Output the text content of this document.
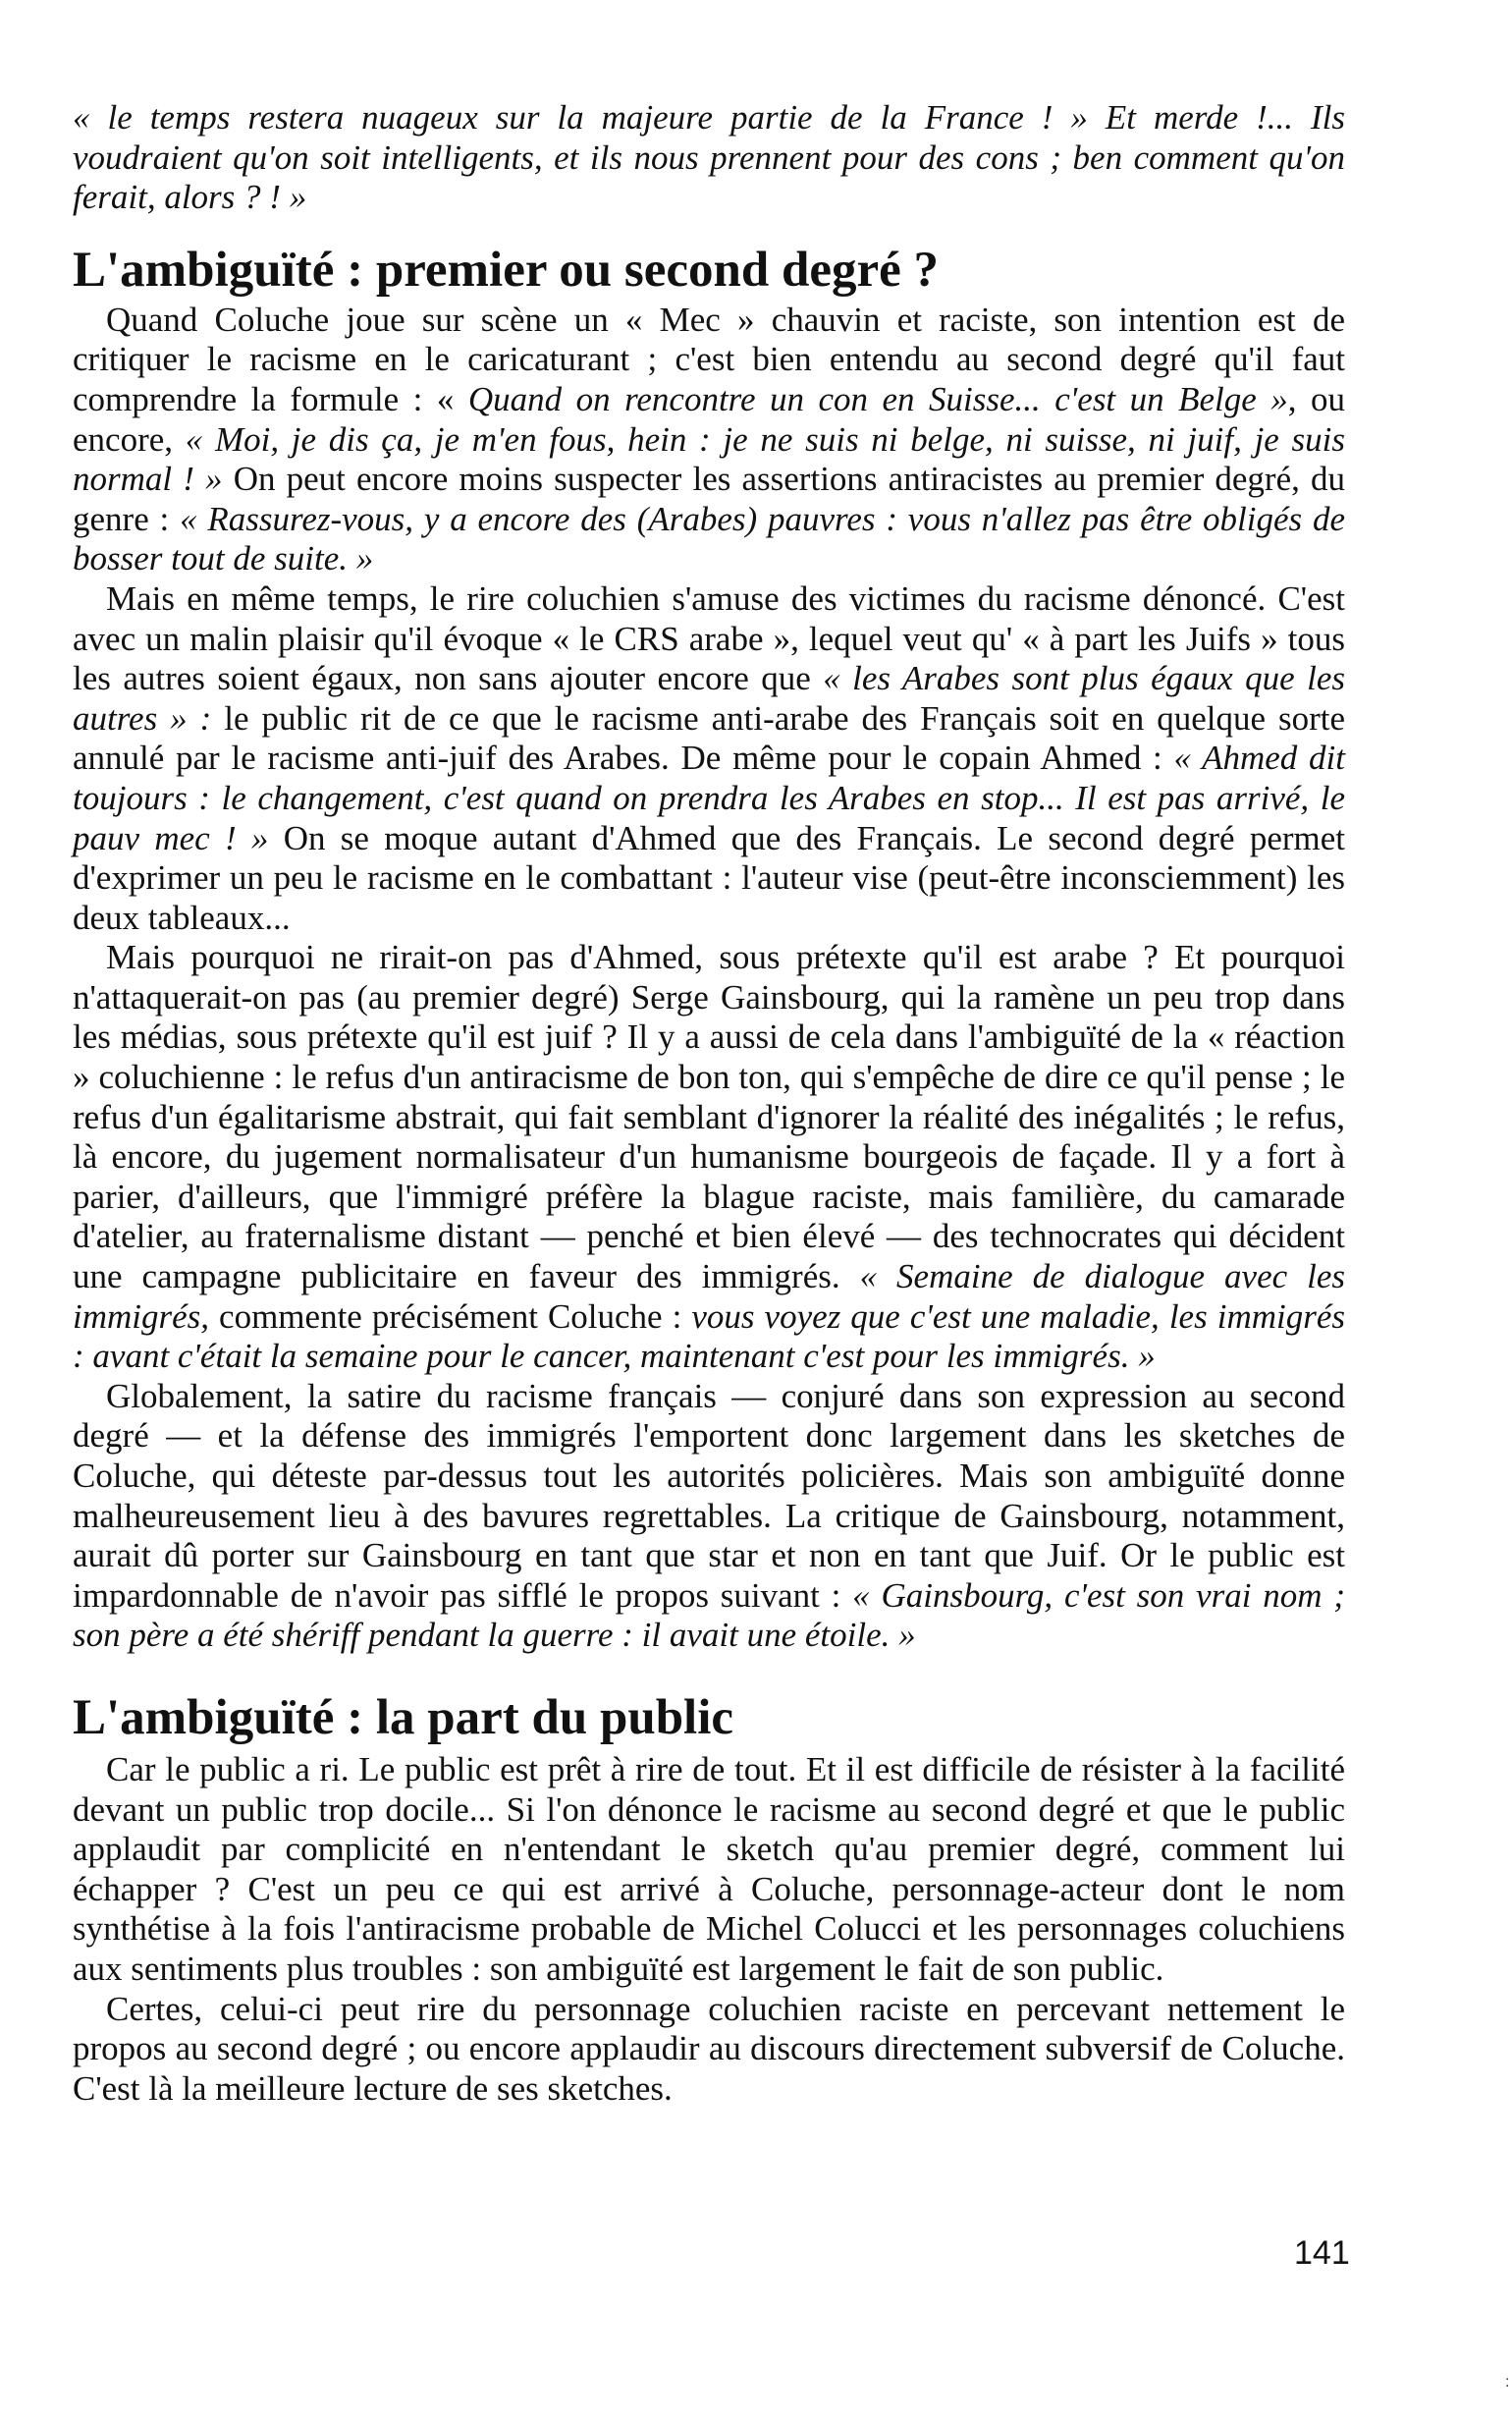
« le temps restera nuageux sur la majeure partie de la France ! » Et merde !... Ils voudraient qu'on soit intelligents, et ils nous prennent pour des cons ; ben comment qu'on ferait, alors ? ! »

L'ambiguïté : premier ou second degré ?

Quand Coluche joue sur scène un « Mec » chauvin et raciste, son intention est de critiquer le racisme en le caricaturant ; c'est bien entendu au second degré qu'il faut comprendre la formule : « Quand on rencontre un con en Suisse... c'est un Belge », ou encore, « Moi, je dis ça, je m'en fous, hein : je ne suis ni belge, ni suisse, ni juif, je suis normal ! » On peut encore moins suspecter les assertions antiracistes au premier degré, du genre : « Rassurez-vous, y a encore des (Arabes) pauvres : vous n'allez pas être obligés de bosser tout de suite. »

Mais en même temps, le rire coluchien s'amuse des victimes du racisme dénoncé. C'est avec un malin plaisir qu'il évoque « le CRS arabe », lequel veut qu' « à part les Juifs » tous les autres soient égaux, non sans ajouter encore que « les Arabes sont plus égaux que les autres » : le public rit de ce que le racisme anti-arabe des Français soit en quelque sorte annulé par le racisme anti-juif des Arabes. De même pour le copain Ahmed : « Ahmed dit toujours : le changement, c'est quand on prendra les Arabes en stop... Il est pas arrivé, le pauv mec ! » On se moque autant d'Ahmed que des Français. Le second degré permet d'exprimer un peu le racisme en le combattant : l'auteur vise (peut-être inconsciemment) les deux tableaux...

Mais pourquoi ne rirait-on pas d'Ahmed, sous prétexte qu'il est arabe ? Et pourquoi n'attaquerait-on pas (au premier degré) Serge Gainsbourg, qui la ramène un peu trop dans les médias, sous prétexte qu'il est juif ? Il y a aussi de cela dans l'ambiguïté de la « réaction » coluchienne : le refus d'un antiracisme de bon ton, qui s'empêche de dire ce qu'il pense ; le refus d'un égalitarisme abstrait, qui fait semblant d'ignorer la réalité des inégalités ; le refus, là encore, du jugement normalisateur d'un humanisme bourgeois de façade. Il y a fort à parier, d'ailleurs, que l'immigré préfère la blague raciste, mais familière, du camarade d'atelier, au fraternalisme distant — penché et bien élevé — des technocrates qui décident une campagne publicitaire en faveur des immigrés. « Semaine de dialogue avec les immigrés, commente précisément Coluche : vous voyez que c'est une maladie, les immigrés : avant c'était la semaine pour le cancer, maintenant c'est pour les immigrés. »

Globalement, la satire du racisme français — conjuré dans son expression au second degré — et la défense des immigrés l'emportent donc largement dans les sketches de Coluche, qui déteste par-dessus tout les autorités policières. Mais son ambiguïté donne malheureusement lieu à des bavures regrettables. La critique de Gainsbourg, notamment, aurait dû porter sur Gainsbourg en tant que star et non en tant que Juif. Or le public est impardonnable de n'avoir pas sifflé le propos suivant : « Gainsbourg, c'est son vrai nom ; son père a été shériff pendant la guerre : il avait une étoile. »

L'ambiguïté : la part du public

Car le public a ri. Le public est prêt à rire de tout. Et il est difficile de résister à la facilité devant un public trop docile... Si l'on dénonce le racisme au second degré et que le public applaudit par complicité en n'entendant le sketch qu'au premier degré, comment lui échapper ? C'est un peu ce qui est arrivé à Coluche, personnage-acteur dont le nom synthétise à la fois l'antiracisme probable de Michel Colucci et les personnages coluchiens aux sentiments plus troubles : son ambiguïté est largement le fait de son public.

Certes, celui-ci peut rire du personnage coluchien raciste en percevant nettement le propos au second degré ; ou encore applaudir au discours directement subversif de Coluche. C'est là la meilleure lecture de ses sketches.

141
:
